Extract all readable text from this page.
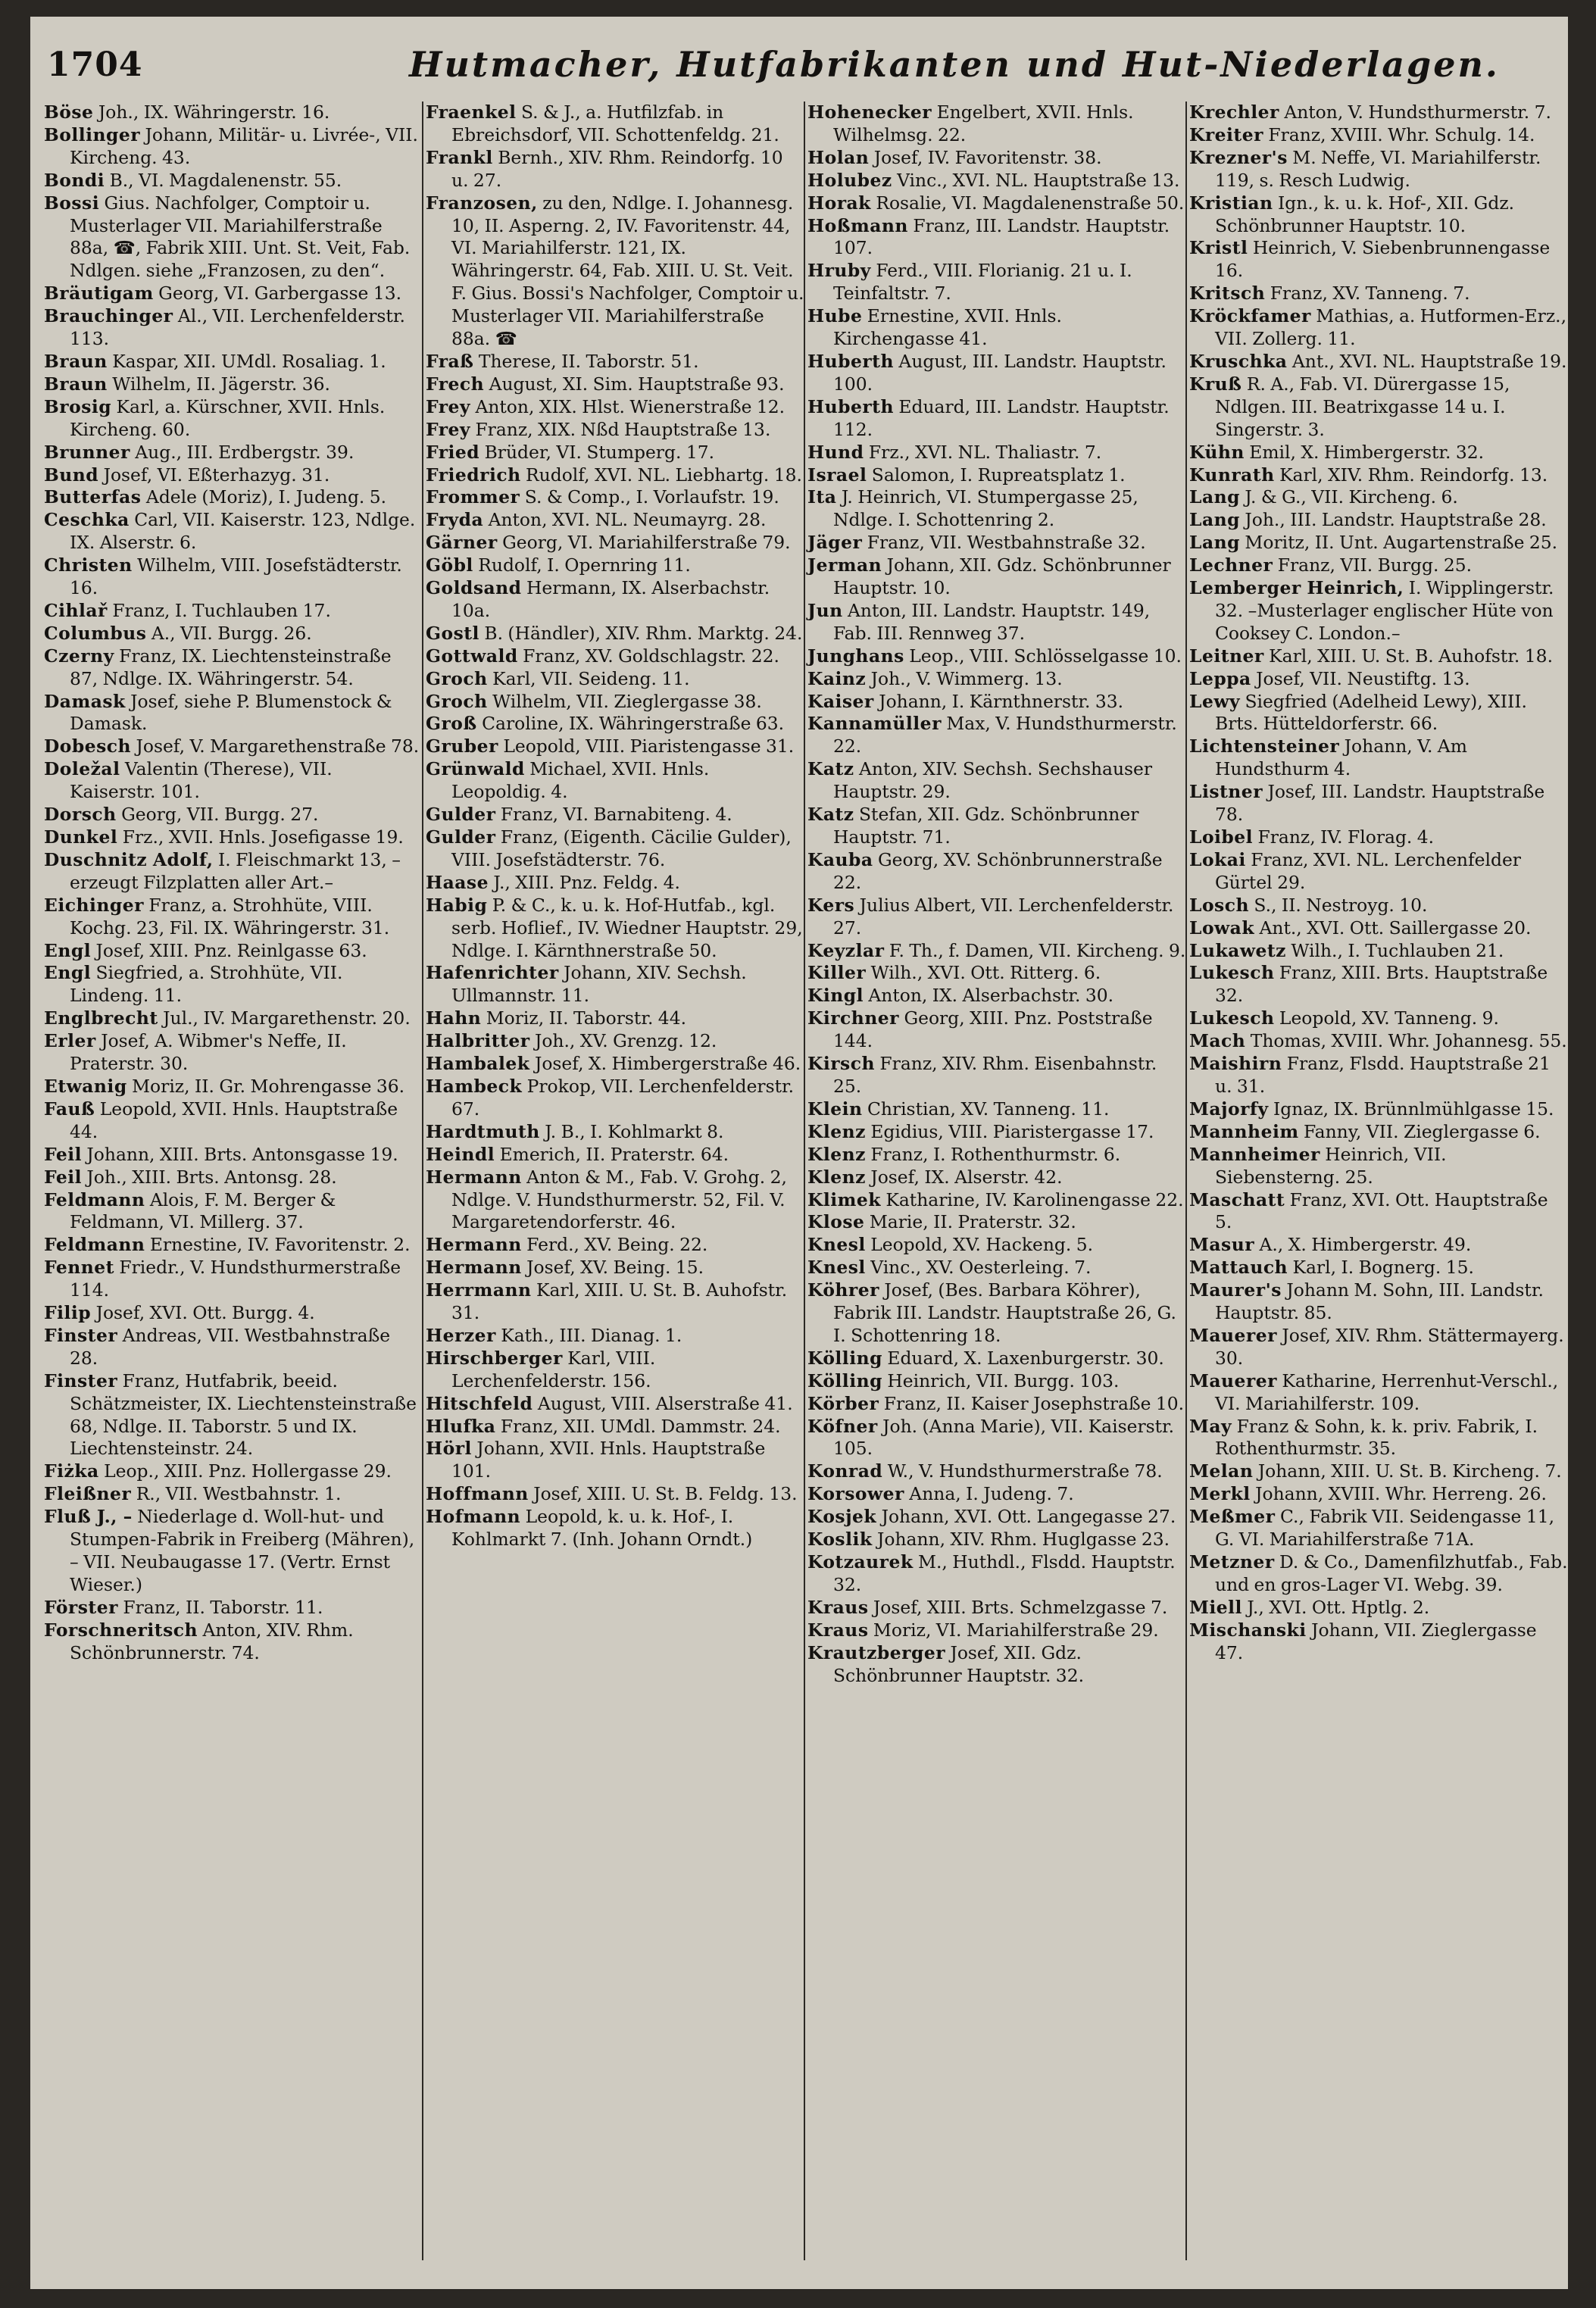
1704	Hutmacher, Hutfabrikanten und Hut-Niederlagen.
Böse Joh., IX. Währingerstr. 16.
Bollinger Johann, Militär- u. Livrée-, VII. Kircheng. 43.
Bondi B., VI. Magdalenenstr. 55.
Bossi Gius. Nachfolger, Comptoir u. Musterlager VII. Mariahilferstraße 88a, ☎, Fabrik XIII. Unt. St. Veit, Fab. Ndlgen. siehe „Franzosen, zu den“.
Bräutigam Georg, VI. Garbergasse 13.
Brauchinger Al., VII. Lerchenfelderstr. 113.
Braun Kaspar, XII. UMdl. Rosaliag. 1.
Braun Wilhelm, II. Jägerstr. 36.
Brosig Karl, a. Kürschner, XVII. Hnls. Kircheng. 60.
Brunner Aug., III. Erdbergstr. 39.
Bund Josef, VI. Eßterhazyg. 31.
Butterfas Adele (Moriz), I. Judeng. 5.
Ceschka Carl, VII. Kaiserstr. 123, Ndlge. IX. Alserstr. 6.
Christen Wilhelm, VIII. Josefstädterstr. 16.
Cihlař Franz, I. Tuchlauben 17.
Columbus A., VII. Burgg. 26.
Czerny Franz, IX. Liechtensteinstraße 87, Ndlge. IX. Währingerstr. 54.
Damask Josef, siehe P. Blumenstock & Damask.
Dobesch Josef, V. Margarethenstraße 78.
Doležal Valentin (Therese), VII. Kaiserstr. 101.
Dorsch Georg, VII. Burgg. 27.
Dunkel Frz., XVII. Hnls. Josefigasse 19.
Duschnitz Adolf, I. Fleischmarkt 13, –erzeugt Filzplatten aller Art.–
Eichinger Franz, a. Strohhüte, VIII. Kochg. 23, Fil. IX. Währingerstr. 31.
Engl Josef, XIII. Pnz. Reinlgasse 63.
Engl Siegfried, a. Strohhüte, VII. Lindeng. 11.
Englbrecht Jul., IV. Margarethenstr. 20.
Erler Josef, A. Wibmer's Neffe, II. Praterstr. 30.
Etwanig Moriz, II. Gr. Mohrengasse 36.
Fauß Leopold, XVII. Hnls. Hauptstraße 44.
Feil Johann, XIII. Brts. Antonsgasse 19.
Feil Joh., XIII. Brts. Antonsg. 28.
Feldmann Alois, F. M. Berger & Feldmann, VI. Millerg. 37.
Feldmann Ernestine, IV. Favoritenstr. 2.
Fennet Friedr., V. Hundsthurmerstraße 114.
Filip Josef, XVI. Ott. Burgg. 4.
Finster Andreas, VII. Westbahnstraße 28.
Finster Franz, Hutfabrik, beeid. Schätzmeister, IX. Liechtensteinstraße 68, Ndlge. II. Taborstr. 5 und IX. Liechtensteinstr. 24.
Fiżka Leop., XIII. Pnz. Hollergasse 29.
Fleißner R., VII. Westbahnstr. 1.
Fluß J., – Niederlage d. Woll-hut- und Stumpen-Fabrik in Freiberg (Mähren), – VII. Neubaugasse 17. (Vertr. Ernst Wieser.)
Förster Franz, II. Taborstr. 11.
Forschneritsch Anton, XIV. Rhm. Schönbrunnerstr. 74.
Fraenkel S. & J., a. Hutfilzfab. in Ebreichsdorf, VII. Schottenfeldg. 21.
Frankl Bernh., XIV. Rhm. Reindorfg. 10 u. 27.
Franzosen, zu den, Ndlge. I. Johannesg. 10, II. Asperng. 2, IV. Favoritenstr. 44, VI. Mariahilferstr. 121, IX. Währingerstr. 64, Fab. XIII. U. St. Veit. F. Gius. Bossi's Nachfolger, Comptoir u. Musterlager VII. Mariahilferstraße 88a. ☎
Fraß Therese, II. Taborstr. 51.
Frech August, XI. Sim. Hauptstraße 93.
Frey Anton, XIX. Hlst. Wienerstraße 12.
Frey Franz, XIX. Nßd Hauptstraße 13.
Fried Brüder, VI. Stumperg. 17.
Friedrich Rudolf, XVI. NL. Liebhartg. 18.
Frommer S. & Comp., I. Vorlaufstr. 19.
Fryda Anton, XVI. NL. Neumayrg. 28.
Gärner Georg, VI. Mariahilferstraße 79.
Göbl Rudolf, I. Opernring 11.
Goldsand Hermann, IX. Alserbachstr. 10a.
Gostl B. (Händler), XIV. Rhm. Marktg. 24.
Gottwald Franz, XV. Goldschlagstr. 22.
Groch Karl, VII. Seideng. 11.
Groch Wilhelm, VII. Zieglergasse 38.
Groß Caroline, IX. Währingerstraße 63.
Gruber Leopold, VIII. Piaristengasse 31.
Grünwald Michael, XVII. Hnls. Leopoldig. 4.
Gulder Franz, VI. Barnabiteng. 4.
Gulder Franz, (Eigenth. Cäcilie Gulder), VIII. Josefstädterstr. 76.
Haase J., XIII. Pnz. Feldg. 4.
Habig P. & C., k. u. k. Hof-Hutfab., kgl. serb. Hoflief., IV. Wiedner Hauptstr. 29, Ndlge. I. Kärnthnerstraße 50.
Hafenrichter Johann, XIV. Sechsh. Ullmannstr. 11.
Hahn Moriz, II. Taborstr. 44.
Halbritter Joh., XV. Grenzg. 12.
Hambalek Josef, X. Himbergerstraße 46.
Hambeck Prokop, VII. Lerchenfelderstr. 67.
Hardtmuth J. B., I. Kohlmarkt 8.
Heindl Emerich, II. Praterstr. 64.
Hermann Anton & M., Fab. V. Grohg. 2, Ndlge. V. Hundsthurmerstr. 52, Fil. V. Margaretendorferstr. 46.
Hermann Ferd., XV. Being. 22.
Hermann Josef, XV. Being. 15.
Herrmann Karl, XIII. U. St. B. Auhofstr. 31.
Herzer Kath., III. Dianag. 1.
Hirschberger Karl, VIII. Lerchenfelderstr. 156.
Hitschfeld August, VIII. Alserstraße 41.
Hlufka Franz, XII. UMdl. Dammstr. 24.
Hörl Johann, XVII. Hnls. Hauptstraße 101.
Hoffmann Josef, XIII. U. St. B. Feldg. 13.
Hofmann Leopold, k. u. k. Hof-, I. Kohlmarkt 7. (Inh. Johann Orndt.)
Hohenecker Engelbert, XVII. Hnls. Wilhelmsg. 22.
Holan Josef, IV. Favoritenstr. 38.
Holubez Vinc., XVI. NL. Hauptstraße 13.
Horak Rosalie, VI. Magdalenenstraße 50.
Hoßmann Franz, III. Landstr. Hauptstr. 107.
Hruby Ferd., VIII. Florianig. 21 u. I. Teinfaltstr. 7.
Hube Ernestine, XVII. Hnls. Kirchengasse 41.
Huberth August, III. Landstr. Hauptstr. 100.
Huberth Eduard, III. Landstr. Hauptstr. 112.
Hund Frz., XVI. NL. Thaliastr. 7.
Israel Salomon, I. Rupreatsplatz 1.
Ita J. Heinrich, VI. Stumpergasse 25, Ndlge. I. Schottenring 2.
Jäger Franz, VII. Westbahnstraße 32.
Jerman Johann, XII. Gdz. Schönbrunner Hauptstr. 10.
Jun Anton, III. Landstr. Hauptstr. 149, Fab. III. Rennweg 37.
Junghans Leop., VIII. Schlösselgasse 10.
Kainz Joh., V. Wimmerg. 13.
Kaiser Johann, I. Kärnthnerstr. 33.
Kannamüller Max, V. Hundsthurmerstr. 22.
Katz Anton, XIV. Sechsh. Sechshauser Hauptstr. 29.
Katz Stefan, XII. Gdz. Schönbrunner Hauptstr. 71.
Kauba Georg, XV. Schönbrunnerstraße 22.
Kers Julius Albert, VII. Lerchenfelderstr. 27.
Keyzlar F. Th., f. Damen, VII. Kircheng. 9.
Killer Wilh., XVI. Ott. Ritterg. 6.
Kingl Anton, IX. Alserbachstr. 30.
Kirchner Georg, XIII. Pnz. Poststraße 144.
Kirsch Franz, XIV. Rhm. Eisenbahnstr. 25.
Klein Christian, XV. Tanneng. 11.
Klenz Egidius, VIII. Piaristergasse 17.
Klenz Franz, I. Rothenthurmstr. 6.
Klenz Josef, IX. Alserstr. 42.
Klimek Katharine, IV. Karolinengasse 22.
Klose Marie, II. Praterstr. 32.
Knesl Leopold, XV. Hackeng. 5.
Knesl Vinc., XV. Oesterleing. 7.
Köhrer Josef, (Bes. Barbara Köhrer), Fabrik III. Landstr. Hauptstraße 26, G. I. Schottenring 18.
Kölling Eduard, X. Laxenburgerstr. 30.
Kölling Heinrich, VII. Burgg. 103.
Körber Franz, II. Kaiser Josephstraße 10.
Köfner Joh. (Anna Marie), VII. Kaiserstr. 105.
Konrad W., V. Hundsthurmerstraße 78.
Korsower Anna, I. Judeng. 7.
Kosjek Johann, XVI. Ott. Langegasse 27.
Koslik Johann, XIV. Rhm. Huglgasse 23.
Kotzaurek M., Huthdl., Flsdd. Hauptstr. 32.
Kraus Josef, XIII. Brts. Schmelzgasse 7.
Kraus Moriz, VI. Mariahilferstraße 29.
Krautzberger Josef, XII. Gdz. Schönbrunner Hauptstr. 32.
Krechler Anton, V. Hundsthurmerstr. 7.
Kreiter Franz, XVIII. Whr. Schulg. 14.
Krezner's M. Neffe, VI. Mariahilferstr. 119, s. Resch Ludwig.
Kristian Ign., k. u. k. Hof-, XII. Gdz. Schönbrunner Hauptstr. 10.
Kristl Heinrich, V. Siebenbrunnengasse 16.
Kritsch Franz, XV. Tanneng. 7.
Kröckfamer Mathias, a. Hutformen-Erz., VII. Zollerg. 11.
Kruschka Ant., XVI. NL. Hauptstraße 19.
Kruß R. A., Fab. VI. Dürergasse 15, Ndlgen. III. Beatrixgasse 14 u. I. Singerstr. 3.
Kühn Emil, X. Himbergerstr. 32.
Kunrath Karl, XIV. Rhm. Reindorfg. 13.
Lang J. & G., VII. Kircheng. 6.
Lang Joh., III. Landstr. Hauptstraße 28.
Lang Moritz, II. Unt. Augartenstraße 25.
Lechner Franz, VII. Burgg. 25.
Lemberger Heinrich, I. Wipplingerstr. 32. –Musterlager englischer Hüte von Cooksey C. London.–
Leitner Karl, XIII. U. St. B. Auhofstr. 18.
Leppa Josef, VII. Neustiftg. 13.
Lewy Siegfried (Adelheid Lewy), XIII. Brts. Hütteldorferstr. 66.
Lichtensteiner Johann, V. Am Hundsthurm 4.
Listner Josef, III. Landstr. Hauptstraße 78.
Loibel Franz, IV. Florag. 4.
Lokai Franz, XVI. NL. Lerchenfelder Gürtel 29.
Losch S., II. Nestroyg. 10.
Lowak Ant., XVI. Ott. Saillergasse 20.
Lukawetz Wilh., I. Tuchlauben 21.
Lukesch Franz, XIII. Brts. Hauptstraße 32.
Lukesch Leopold, XV. Tanneng. 9.
Mach Thomas, XVIII. Whr. Johannesg. 55.
Maishirn Franz, Flsdd. Hauptstraße 21 u. 31.
Majorfy Ignaz, IX. Brünnlmühlgasse 15.
Mannheim Fanny, VII. Zieglergasse 6.
Mannheimer Heinrich, VII. Siebensterng. 25.
Maschatt Franz, XVI. Ott. Hauptstraße 5.
Masur A., X. Himbergerstr. 49.
Mattauch Karl, I. Bognerg. 15.
Maurer's Johann M. Sohn, III. Landstr. Hauptstr. 85.
Mauerer Josef, XIV. Rhm. Stättermayerg. 30.
Mauerer Katharine, Herrenhut-Verschl., VI. Mariahilferstr. 109.
May Franz & Sohn, k. k. priv. Fabrik, I. Rothenthurmstr. 35.
Melan Johann, XIII. U. St. B. Kircheng. 7.
Merkl Johann, XVIII. Whr. Herreng. 26.
Meßmer C., Fabrik VII. Seidengasse 11, G. VI. Mariahilferstraße 71A.
Metzner D. & Co., Damenfilzhutfab., Fab. und en gros-Lager VI. Webg. 39.
Miell J., XVI. Ott. Hptlg. 2.
Mischanski Johann, VII. Zieglergasse 47.
